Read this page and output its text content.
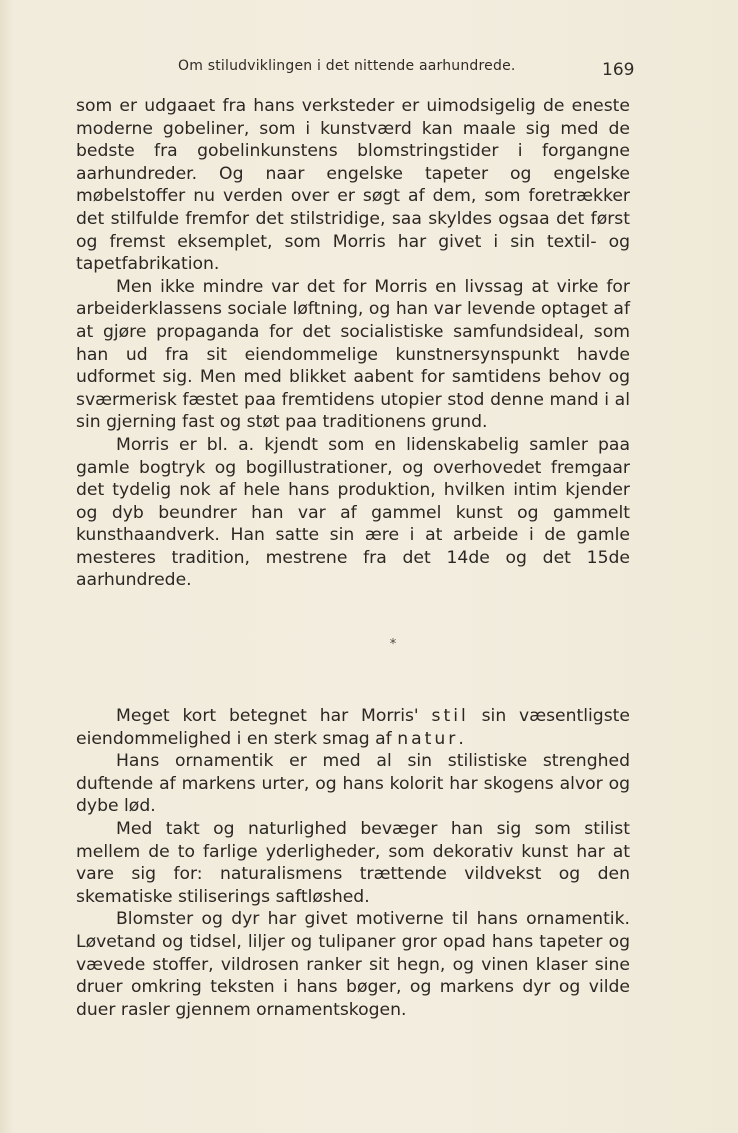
Om stiludviklingen i det nittende aarhundrede.	169

som er udgaaet fra hans verksteder er uimodsigelig de eneste moderne gobeliner, som i kunstværd kan maale sig med de bedste fra gobelinkunstens blomstringstider i forgangne aarhundreder. Og naar engelske tapeter og engelske møbelstoffer nu verden over er søgt af dem, som foretrækker det stilfulde fremfor det stilstridige, saa skyldes ogsaa det først og fremst eksemplet, som Morris har givet i sin textil- og tapetfabrikation.

Men ikke mindre var det for Morris en livssag at virke for arbeiderklassens sociale løftning, og han var levende optaget af at gjøre propaganda for det socialistiske samfundsideal, som han ud fra sit eiendommelige kunstnersynspunkt havde udformet sig. Men med blikket aabent for samtidens behov og sværmerisk fæstet paa fremtidens utopier stod denne mand i al sin gjerning fast og støt paa traditionens grund.

Morris er bl. a. kjendt som en lidenskabelig samler paa gamle bogtryk og bogillustrationer, og overhovedet fremgaar det tydelig nok af hele hans produktion, hvilken intim kjender og dyb beundrer han var af gammel kunst og gammelt kunsthaandverk. Han satte sin ære i at arbeide i de gamle mesteres tradition, mestrene fra det 14de og det 15de aarhundrede.

*

Meget kort betegnet har Morris' stil sin væsentligste eiendommelighed i en sterk smag af natur.

Hans ornamentik er med al sin stilistiske strenghed duftende af markens urter, og hans kolorit har skogens alvor og dybe lød.

Med takt og naturlighed bevæger han sig som stilist mellem de to farlige yderligheder, som dekorativ kunst har at vare sig for: naturalismens trættende vildvekst og den skematiske stiliserings saftløshed.

Blomster og dyr har givet motiverne til hans ornamentik. Løvetand og tidsel, liljer og tulipaner gror opad hans tapeter og vævede stoffer, vildrosen ranker sit hegn, og vinen klaser sine druer omkring teksten i hans bøger, og markens dyr og vilde duer rasler gjennem ornamentskogen.
